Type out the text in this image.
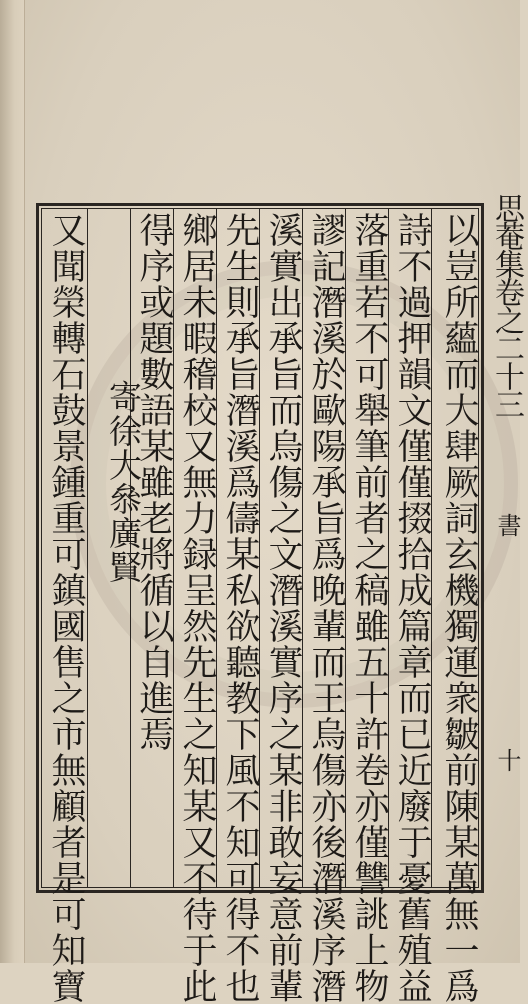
以豈所蘊而大肆厥詞玄機獨運衆皺前陳某萬無一爲
詩不過押韻文僅僅掇拾成篇章而已近廢于憂舊殖益
落重若不可舉筆前者之稿雖五十許卷亦僅讐誂上物
謬記潛溪於歐陽承旨爲晚輩而王烏傷亦後潛溪序潛
溪實出承旨而烏傷之文潛溪實序之某非敢妄意前輩
先生則承旨潛溪爲儔某私欲聽教下風不知可得不也
鄉居未暇稽校又無力録呈然先生之知某又不待于此
得序或題數語某雖老將循以自進焉
寄徐大叅廣賢
又聞榮轉石鼓景鍾重可鎮國售之市無顧者是可知寶	思菴集卷之二十三
書
十
